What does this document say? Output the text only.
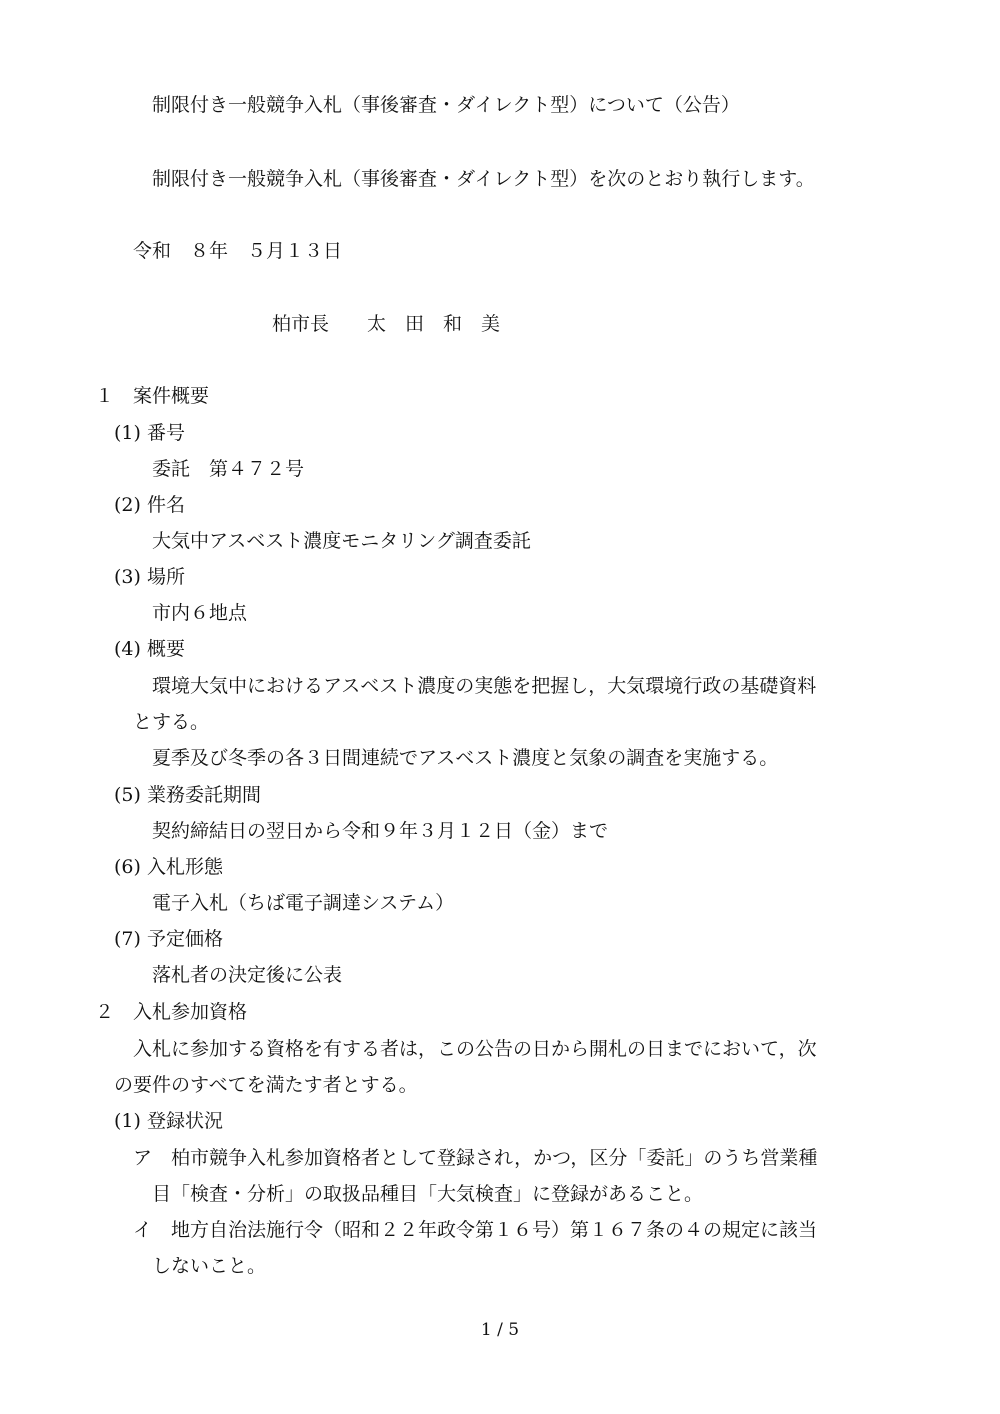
制限付き一般競争入札（事後審査・ダイレクト型）について（公告）
制限付き一般競争入札（事後審査・ダイレクト型）を次のとおり執行します。
令和　８年　５月１３日
柏市長　　太　田　和　美
１　案件概要
(1) 番号
委託　第４７２号
(2) 件名
大気中アスベスト濃度モニタリング調査委託
(3) 場所
市内６地点
(4) 概要
環境大気中におけるアスベスト濃度の実態を把握し，大気環境行政の基礎資料
とする。
夏季及び冬季の各３日間連続でアスベスト濃度と気象の調査を実施する。
(5) 業務委託期間
契約締結日の翌日から令和９年３月１２日（金）まで
(6) 入札形態
電子入札（ちば電子調達システム）
(7) 予定価格
落札者の決定後に公表
２　入札参加資格
入札に参加する資格を有する者は，この公告の日から開札の日までにおいて，次
の要件のすべてを満たす者とする。
(1) 登録状況
ア　柏市競争入札参加資格者として登録され，かつ，区分「委託」のうち営業種
目「検査・分析」の取扱品種目「大気検査」に登録があること。
イ　地方自治法施行令（昭和２２年政令第１６号）第１６７条の４の規定に該当
しないこと。
1 / 5
